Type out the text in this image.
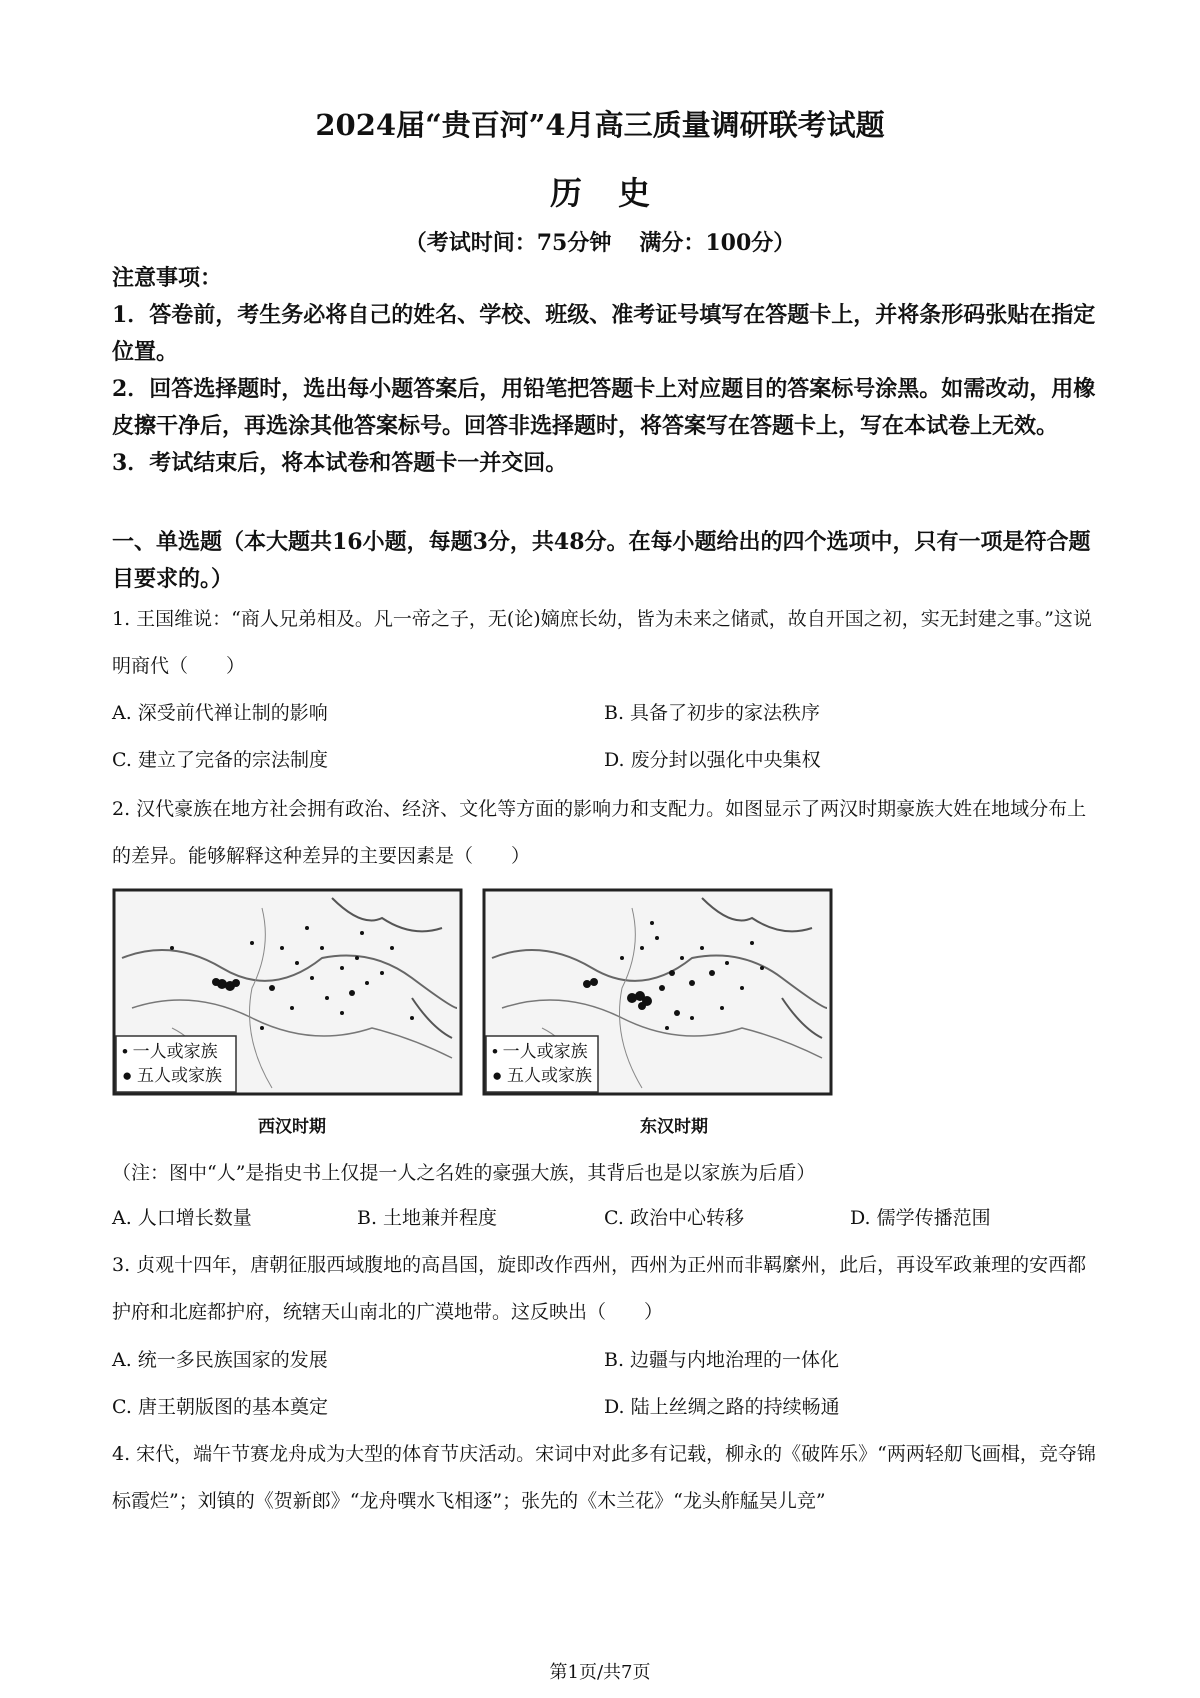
2024届“贵百河”4月高三质量调研联考试题
历史
（考试时间：75分钟 满分：100分）

注意事项：

1．答卷前，考生务必将自己的姓名、学校、班级、准考证号填写在答题卡上，并将条形码张贴在指定位置。

2．回答选择题时，选出每小题答案后，用铅笔把答题卡上对应题目的答案标号涂黑。如需改动，用橡皮擦干净后，再选涂其他答案标号。回答非选择题时，将答案写在答题卡上，写在本试卷上无效。

3．考试结束后，将本试卷和答题卡一并交回。

一、单选题（本大题共16小题，每题3分，共48分。在每小题给出的四个选项中，只有一项是符合题目要求的。）
1. 王国维说：“商人兄弟相及。凡一帝之子，无(论)嫡庶长幼，皆为未来之储贰，故自开国之初，实无封建之事。”这说明商代（　　）
A. 深受前代禅让制的影响	B. 具备了初步的家法秩序
C. 建立了完备的宗法制度	D. 废分封以强化中央集权
2. 汉代豪族在地方社会拥有政治、经济、文化等方面的影响力和支配力。如图显示了两汉时期豪族大姓在地域分布上的差异。能够解释这种差异的主要因素是（　　）
• 一人或家族
● 五人或家族
• 一人或家族
● 五人或家族
西汉时期	东汉时期
（注：图中“人”是指史书上仅提一人之名姓的豪强大族，其背后也是以家族为后盾）
A. 人口增长数量	B. 土地兼并程度	C. 政治中心转移	D. 儒学传播范围
3. 贞观十四年，唐朝征服西域腹地的高昌国，旋即改作西州，西州为正州而非羁縻州，此后，再设军政兼理的安西都护府和北庭都护府，统辖天山南北的广漠地带。这反映出（　　）
A. 统一多民族国家的发展	B. 边疆与内地治理的一体化
C. 唐王朝版图的基本奠定	D. 陆上丝绸之路的持续畅通
4. 宋代，端午节赛龙舟成为大型的体育节庆活动。宋词中对此多有记载，柳永的《破阵乐》“两两轻舠飞画楫，竞夺锦标霞烂”；刘镇的《贺新郎》“龙舟噀水飞相逐”；张先的《木兰花》“龙头舴艋吴儿竞”
第1页/共7页
